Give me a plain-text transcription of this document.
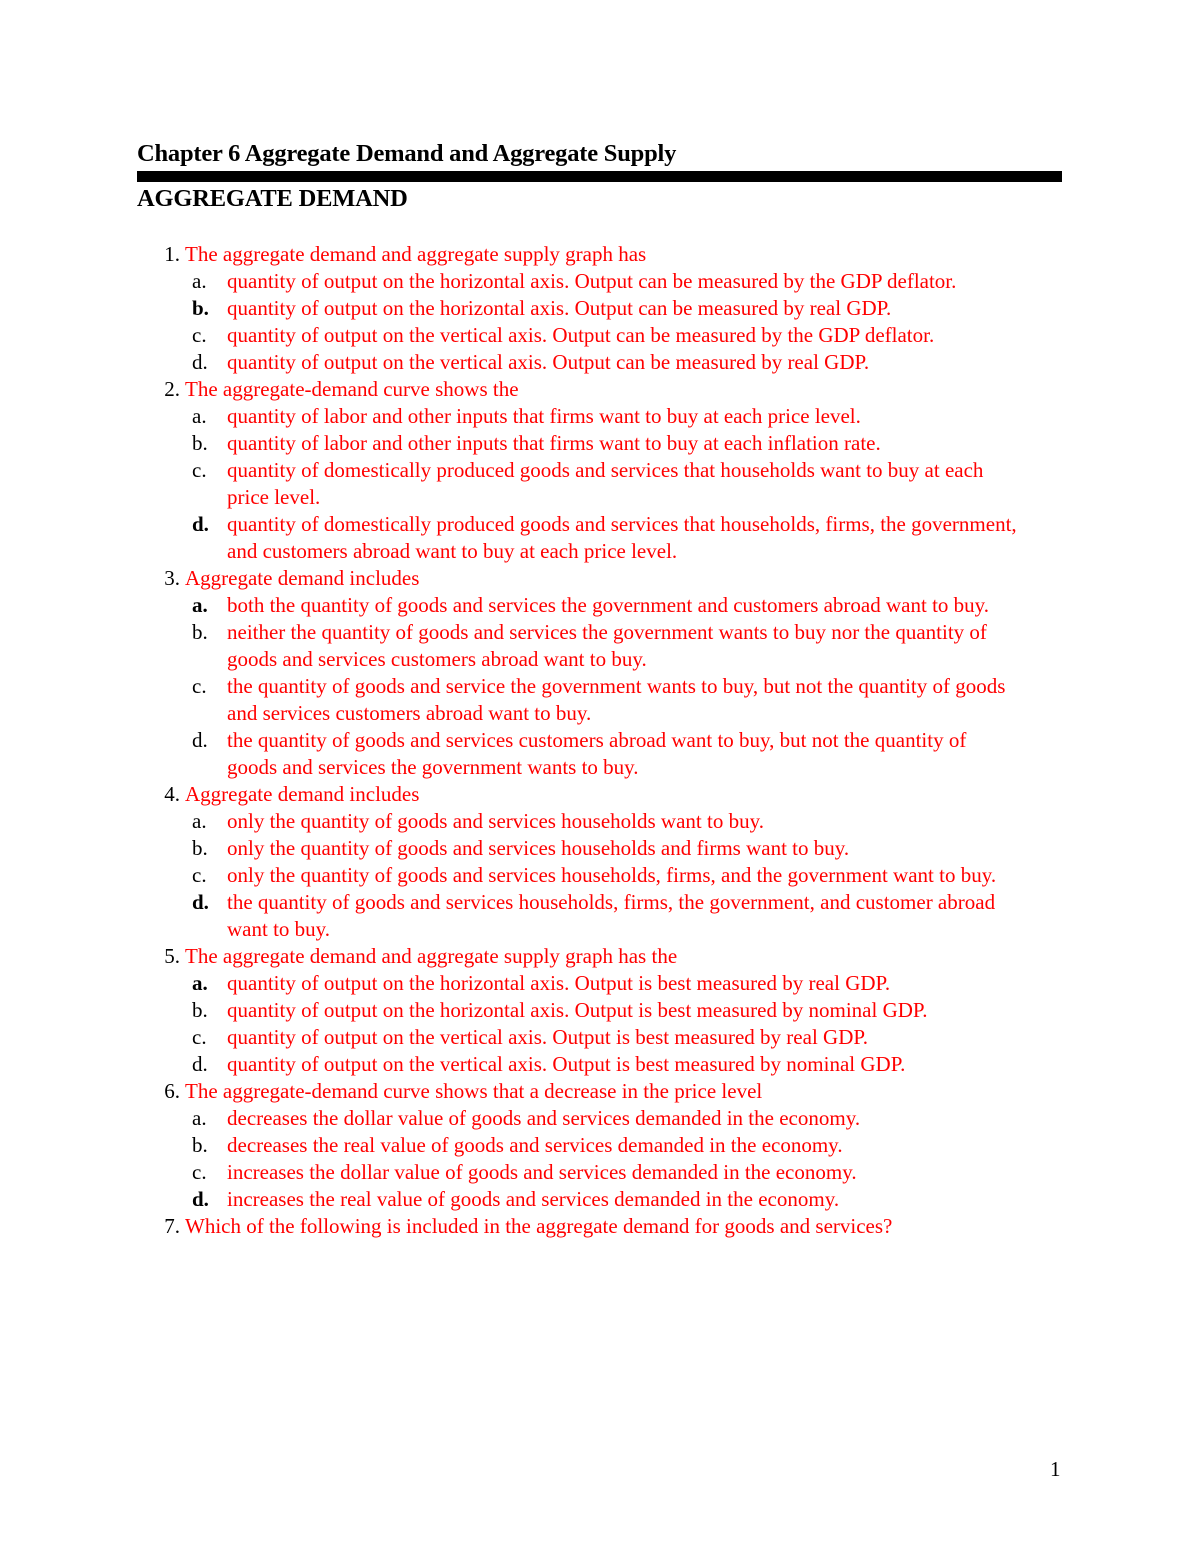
Chapter 6 Aggregate Demand and Aggregate Supply
AGGREGATE DEMAND
1. The aggregate demand and aggregate supply graph has
a. quantity of output on the horizontal axis. Output can be measured by the GDP deflator.
b. quantity of output on the horizontal axis. Output can be measured by real GDP.
c. quantity of output on the vertical axis. Output can be measured by the GDP deflator.
d. quantity of output on the vertical axis. Output can be measured by real GDP.
2. The aggregate-demand curve shows the
a. quantity of labor and other inputs that firms want to buy at each price level.
b. quantity of labor and other inputs that firms want to buy at each inflation rate.
c. quantity of domestically produced goods and services that households want to buy at each price level.
d. quantity of domestically produced goods and services that households, firms, the government, and customers abroad want to buy at each price level.
3. Aggregate demand includes
a. both the quantity of goods and services the government and customers abroad want to buy.
b. neither the quantity of goods and services the government wants to buy nor the quantity of goods and services customers abroad want to buy.
c. the quantity of goods and service the government wants to buy, but not the quantity of goods and services customers abroad want to buy.
d. the quantity of goods and services customers abroad want to buy, but not the quantity of goods and services the government wants to buy.
4. Aggregate demand includes
a. only the quantity of goods and services households want to buy.
b. only the quantity of goods and services households and firms want to buy.
c. only the quantity of goods and services households, firms, and the government want to buy.
d. the quantity of goods and services households, firms, the government, and customer abroad want to buy.
5. The aggregate demand and aggregate supply graph has the
a. quantity of output on the horizontal axis. Output is best measured by real GDP.
b. quantity of output on the horizontal axis. Output is best measured by nominal GDP.
c. quantity of output on the vertical axis. Output is best measured by real GDP.
d. quantity of output on the vertical axis. Output is best measured by nominal GDP.
6. The aggregate-demand curve shows that a decrease in the price level
a. decreases the dollar value of goods and services demanded in the economy.
b. decreases the real value of goods and services demanded in the economy.
c. increases the dollar value of goods and services demanded in the economy.
d. increases the real value of goods and services demanded in the economy.
7. Which of the following is included in the aggregate demand for goods and services?
1
